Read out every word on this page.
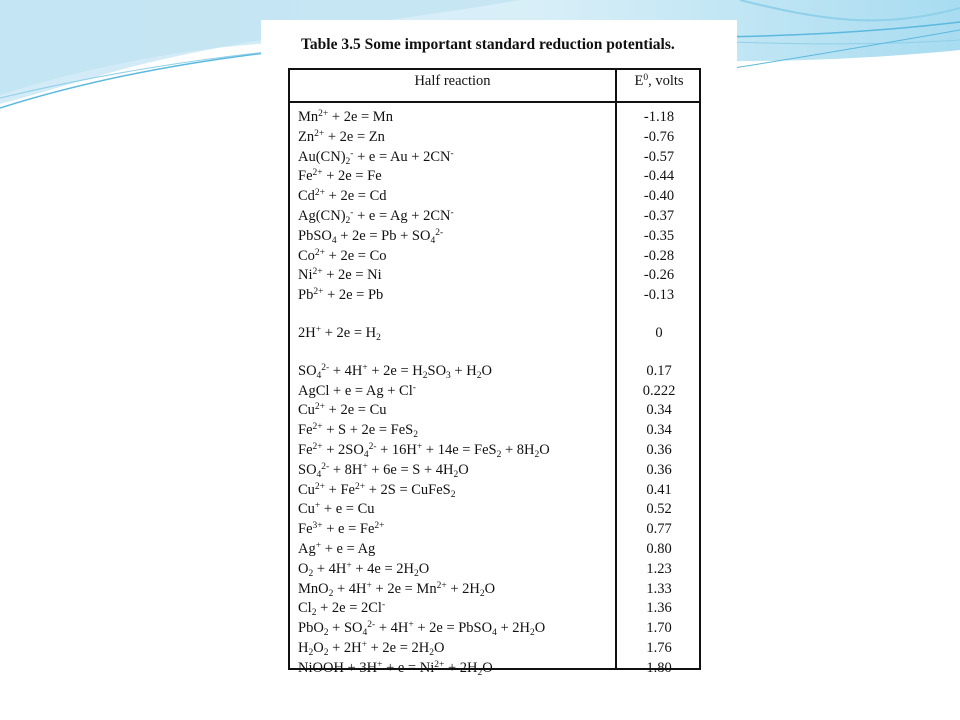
Table 3.5 Some important standard reduction potentials.
Half reaction	$E^0$, volts
$Mn^{2+} + 2e = Mn$	-1.18
$Zn^{2+} + 2e = Zn$	-0.76
$Au(CN)_2^- + e = Au + 2CN^-$	-0.57
$Fe^{2+} + 2e = Fe$	-0.44
$Cd^{2+} + 2e = Cd$	-0.40
$Ag(CN)_2^- + e = Ag + 2CN^-$	-0.37
PbSO$_4$ + $2e = Pb + SO_4^{2-}$	-0.35
$Co^{2+} + 2e = Co$	-0.28
$Ni^{2+} + 2e = Ni$	-0.26
$Pb^{2+} + 2e = Pb$	-0.13
$2H^+ + 2e = H_2$	0
$SO_4^{2-} + 4H^+ + 2e = H_2SO_3 + H_2O$	0.17
AgCl + e = Ag + Cl-	0.222
$Cu^{2+} + 2e = Cu$	0.34
$Fe^{2+} + S + 2e = FeS_2$	0.34
$Fe^{2+} + 2SO_4^{2-} + 16H^+ + 14e = FeS_2 + 8H_2O$	0.36
$SO_4^{2-} + 8H^+ + 6e = S + 4H_2O$	0.36
$Cu^{2+} + Fe^{2+} + 2S$ = CuFeS$_2$	0.41
Cu+ + e = Cu	0.52
$Fe^{3+} + e = Fe^{2+}$	0.77
Ag+ + e = Ag	0.80
$O_2 + 4H^+ + 4e = 2H_2O$	1.23
$MnO_2 + 4H^+ + 2e = Mn^{2+} + 2H_2O$	1.33
$Cl_2 + 2e = 2Cl^-$	1.36
$PbO_2 + SO_4^{2-} + 4H^+ + 2e$ = PbSO$_4$ + $2H_2O$	1.70
$H_2O_2 + 2H^+ + 2e = 2H_2O$	1.76
NiOOH + $3H^+ + e = Ni^{2+} + 2H_2O$	1.80
